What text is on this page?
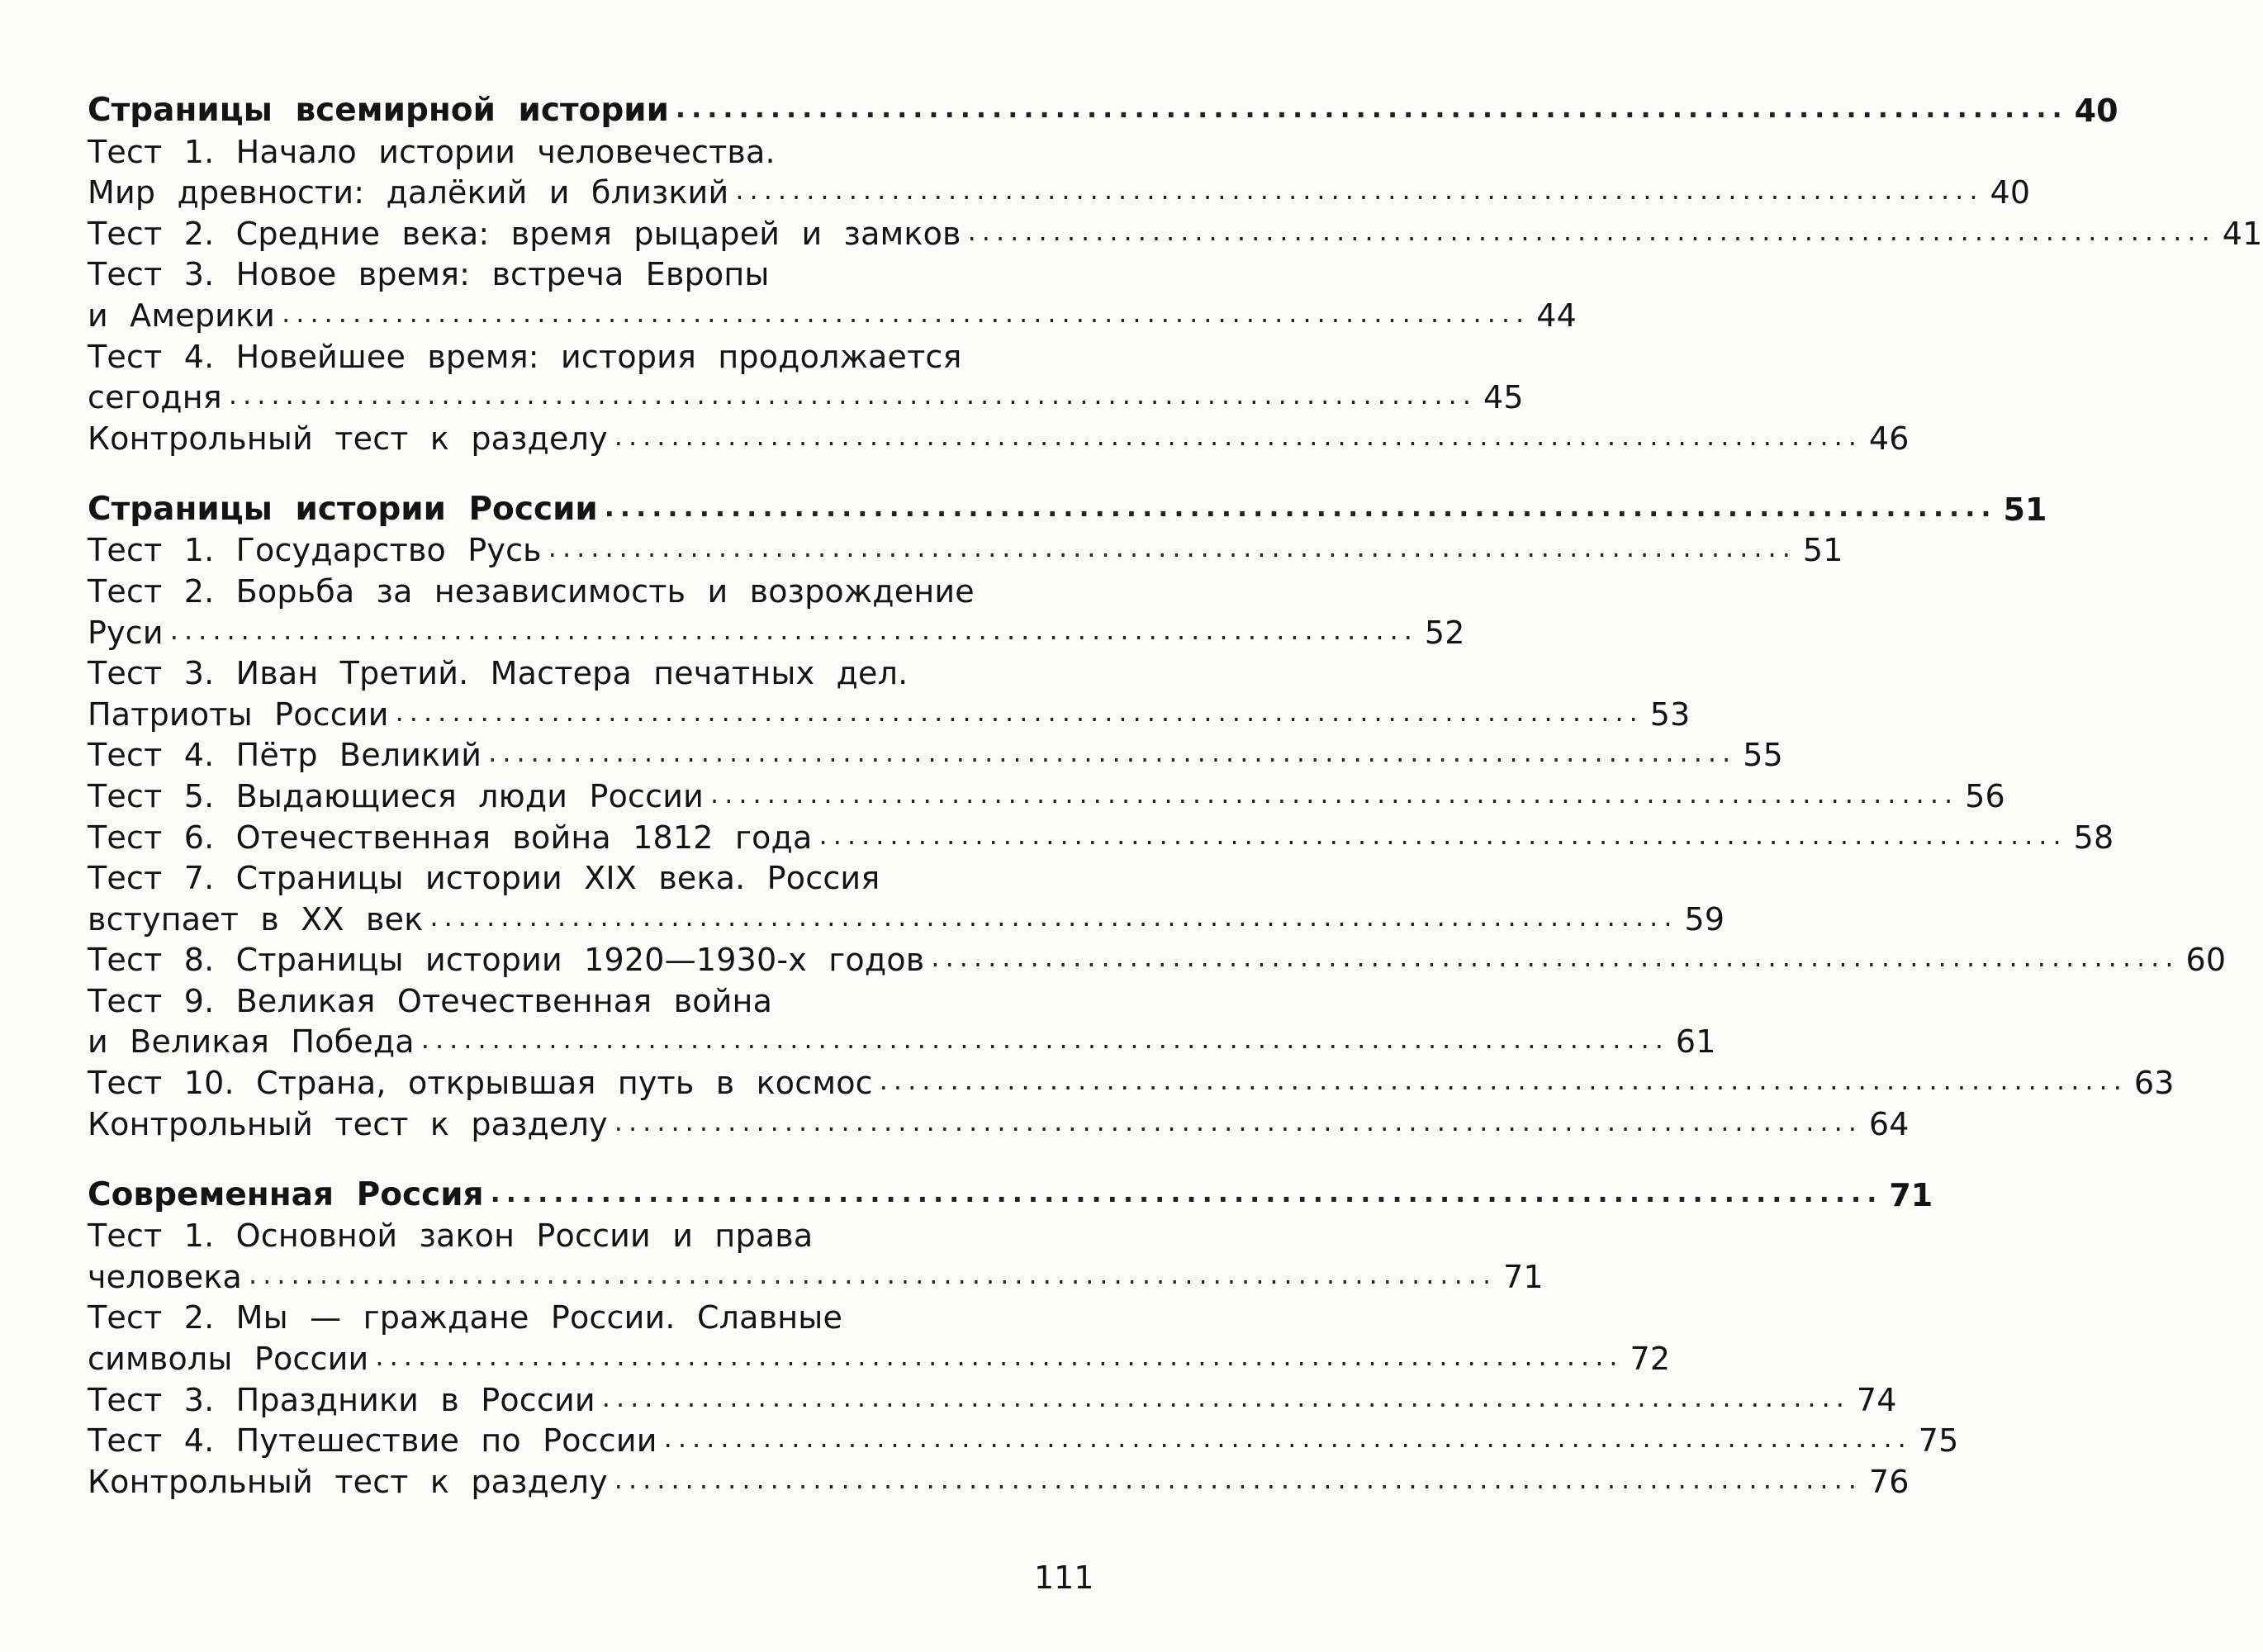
Страницы всемирной истории ........................................................................................ 40
Тест 1. Начало истории человечества.
Мир древности: далёкий и близкий ........................................................................................ 40
Тест 2. Средние века: время рыцарей и замков ........................................................................................ 41
Тест 3. Новое время: встреча Европы
и Америки ........................................................................................ 44
Тест 4. Новейшее время: история продолжается
сегодня ........................................................................................ 45
Контрольный тест к разделу ........................................................................................ 46
Страницы истории России ........................................................................................ 51
Тест 1. Государство Русь ........................................................................................ 51
Тест 2. Борьба за независимость и возрождение
Руси ........................................................................................ 52
Тест 3. Иван Третий. Мастера печатных дел.
Патриоты России ........................................................................................ 53
Тест 4. Пётр Великий ........................................................................................ 55
Тест 5. Выдающиеся люди России ........................................................................................ 56
Тест 6. Отечественная война 1812 года ........................................................................................ 58
Тест 7. Страницы истории XIX века. Россия
вступает в XX век ........................................................................................ 59
Тест 8. Страницы истории 1920—1930-х годов ........................................................................................ 60
Тест 9. Великая Отечественная война
и Великая Победа ........................................................................................ 61
Тест 10. Страна, открывшая путь в космос ........................................................................................ 63
Контрольный тест к разделу ........................................................................................ 64
Современная Россия ........................................................................................ 71
Тест 1. Основной закон России и права
человека ........................................................................................ 71
Тест 2. Мы — граждане России. Славные
символы России ........................................................................................ 72
Тест 3. Праздники в России ........................................................................................ 74
Тест 4. Путешествие по России ........................................................................................ 75
Контрольный тест к разделу ........................................................................................ 76
111
